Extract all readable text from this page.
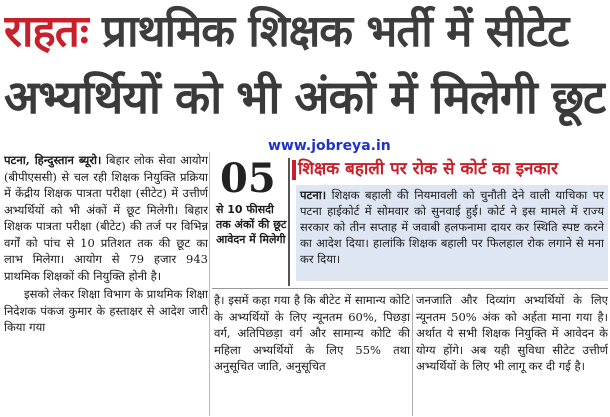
राहतः प्राथमिक शिक्षक भर्ती में सीटेट
अभ्यर्थियों को भी अंकों में मिलेगी छूट
www.jobreya.in

पटना, हिन्दुस्तान ब्यूरो। बिहार लोक सेवा आयोग (बीपीएससी) से चल रही शिक्षक नियुक्ति प्रक्रिया में केंद्रीय शिक्षक पात्रता परीक्षा (सीटेट) में उत्तीर्ण अभ्यर्थियों को भी अंकों में छूट मिलेगी। बिहार शिक्षक पात्रता परीक्षा (बीटेट) की तर्ज पर विभिन्न वर्गों को पांच से 10 प्रतिशत तक की छूट का लाभ मिलेगा। आयोग से 79 हजार 943 प्राथमिक शिक्षकों की नियुक्ति होनी है।

इसको लेकर शिक्षा विभाग के प्राथमिक शिक्षा निदेशक पंकज कुमार के हस्ताक्षर से आदेश जारी किया गया

05
से 10 फीसदी तक अंकों की छूट आवेदन में मिलेगी
शिक्षक बहाली पर रोक से कोर्ट का इनकार
पटना। शिक्षक बहाली की नियमावली को चुनौती देने वाली याचिका पर पटना हाईकोर्ट में सोमवार को सुनवाई हुई। कोर्ट ने इस मामले में राज्य सरकार को तीन सप्ताह में जवाबी हलफनामा दायर कर स्थिति स्पष्ट करने का आदेश दिया। हालांकि शिक्षक बहाली पर फिलहाल रोक लगाने से मना कर दिया।
है। इसमें कहा गया है कि बीटेट में सामान्य कोटि के अभ्यर्थियों के लिए न्यूनतम 60%, पिछड़ा वर्ग, अतिपिछड़ा वर्ग और सामान्य कोटि की महिला अभ्यर्थियों के लिए 55% तथा अनुसूचित जाति, अनुसूचित
जनजाति और दिव्यांग अभ्यर्थियों के लिए न्यूनतम 50% अंक को अर्हता माना गया है। अर्थात ये सभी शिक्षक नियुक्ति में आवेदन के योग्य होंगे। अब यही सुविधा सीटेट उत्तीर्ण अभ्यर्थियों के लिए भी लागू कर दी गई है।
